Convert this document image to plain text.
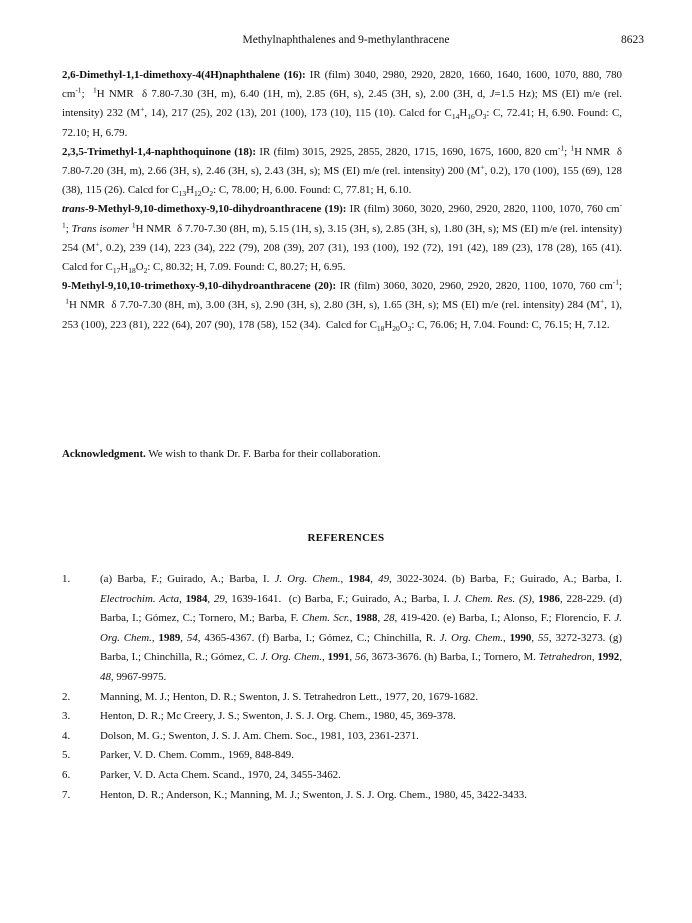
Methylnaphthalenes and 9-methylanthracene	8623

2,6-Dimethyl-1,1-dimethoxy-4(4H)naphthalene (16): IR (film) 3040, 2980, 2920, 2820, 1660, 1640, 1600, 1070, 880, 780 $cm^{-1}$;  $^1$H NMR  δ 7.80-7.30 (3H, m), 6.40 (1H, m), 2.85 (6H, s), 2.45 (3H, s), 2.00 (3H, d, J=1.5 Hz); MS (EI) m/e (rel. intensity) 232 (M+, 14), 217 (25), 202 (13), 201 (100), 173 (10), 115 (10). Calcd for $C_{14}H_{16}O_3$: C, 72.41; H, 6.90. Found: C, 72.10; H, 6.79.

2,3,5-Trimethyl-1,4-naphthoquinone (18): IR (film) 3015, 2925, 2855, 2820, 1715, 1690, 1675, 1600, 820 $cm^{-1}$; $^1$H NMR  δ 7.80-7.20 (3H, m), 2.66 (3H, s), 2.46 (3H, s), 2.43 (3H, s); MS (EI) m/e (rel. intensity) 200 (M+, 0.2), 170 (100), 155 (69), 128 (38), 115 (26). Calcd for $C_{13}H_{12}O_2$: C, 78.00; H, 6.00. Found: C, 77.81; H, 6.10.

trans-9-Methyl-9,10-dimethoxy-9,10-dihydroanthracene (19): IR (film) 3060, 3020, 2960, 2920, 2820, 1100, 1070, 760 $cm^{-1}$; Trans isomer $^1$H NMR  δ 7.70-7.30 (8H, m), 5.15 (1H, s), 3.15 (3H, s), 2.85 (3H, s), 1.80 (3H, s); MS (EI) m/e (rel. intensity) 254 (M+, 0.2), 239 (14), 223 (34), 222 (79), 208 (39), 207 (31), 193 (100), 192 (72), 191 (42), 189 (23), 178 (28), 165 (41). Calcd for $C_{17}H_{18}O_2$: C, 80.32; H, 7.09. Found: C, 80.27; H, 6.95.

9-Methyl-9,10,10-trimethoxy-9,10-dihydroanthracene (20): IR (film) 3060, 3020, 2960, 2920, 2820, 1100, 1070, 760 $cm^{-1}$;  $^1$H NMR  δ 7.70-7.30 (8H, m), 3.00 (3H, s), 2.90 (3H, s), 2.80 (3H, s), 1.65 (3H, s); MS (EI) m/e (rel. intensity) 284 (M+, 1), 253 (100), 223 (81), 222 (64), 207 (90), 178 (58), 152 (34).  Calcd for $C_{18}H_{20}O_3$: C, 76.06; H, 7.04. Found: C, 76.15; H, 7.12.

Acknowledgment. We wish to thank Dr. F. Barba for their collaboration.
REFERENCES
1.	(a) Barba, F.; Guirado, A.; Barba, I. J. Org. Chem., 1984, 49, 3022-3024. (b) Barba, F.; Guirado, A.; Barba, I. Electrochim. Acta, 1984, 29, 1639-1641.  (c) Barba, F.; Guirado, A.; Barba, I. J. Chem. Res. (S), 1986, 228-229. (d) Barba, I.; Gómez, C.; Tornero, M.; Barba, F. Chem. Scr., 1988, 28, 419-420. (e) Barba, I.; Alonso, F.; Florencio, F. J. Org. Chem., 1989, 54, 4365-4367. (f) Barba, I.; Gómez, C.; Chinchilla, R. J. Org. Chem., 1990, 55, 3272-3273. (g) Barba, I.; Chinchilla, R.; Gómez, C. J. Org. Chem., 1991, 56, 3673-3676. (h) Barba, I.; Tornero, M. Tetrahedron, 1992, 48, 9967-9975.
2.	Manning, M. J.; Henton, D. R.; Swenton, J. S. Tetrahedron Lett., 1977, 20, 1679-1682.
3.	Henton, D. R.; Mc Creery, J. S.; Swenton, J. S. J. Org. Chem., 1980, 45, 369-378.
4.	Dolson, M. G.; Swenton, J. S. J. Am. Chem. Soc., 1981, 103, 2361-2371.
5.	Parker, V. D. Chem. Comm., 1969, 848-849.
6.	Parker, V. D. Acta Chem. Scand., 1970, 24, 3455-3462.
7.	Henton, D. R.; Anderson, K.; Manning, M. J.; Swenton, J. S. J. Org. Chem., 1980, 45, 3422-3433.
